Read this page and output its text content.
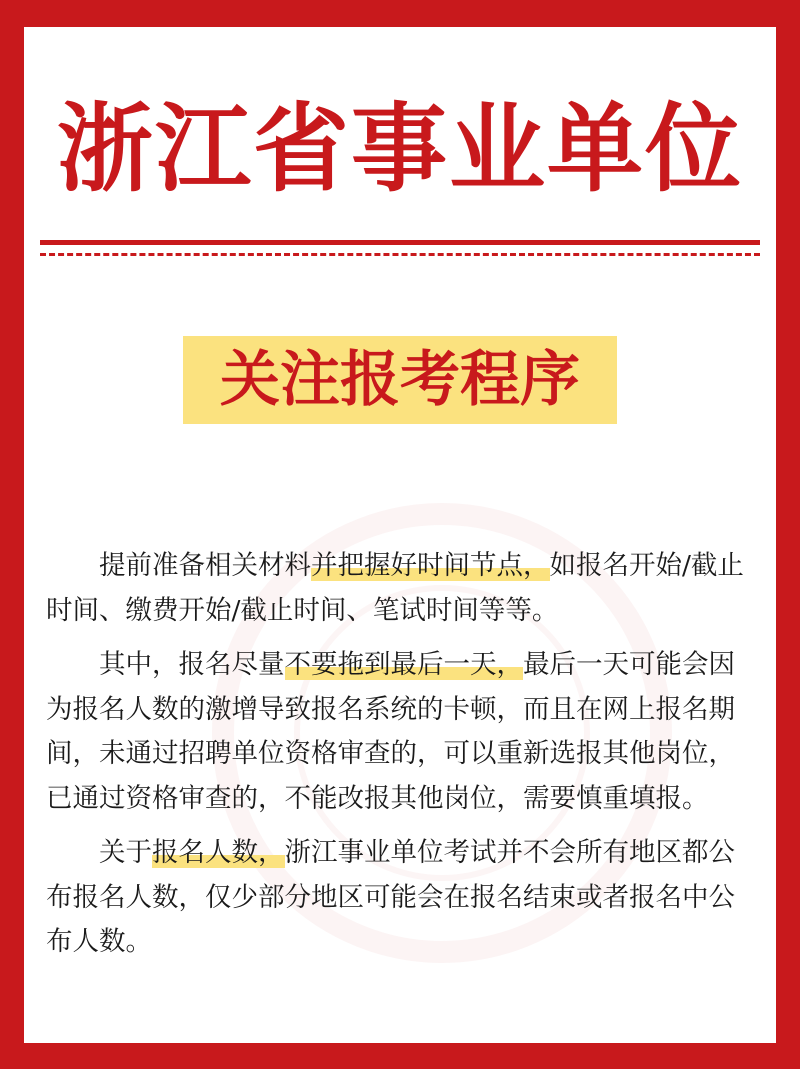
浙江省事业单位
关注报考程序

提前准备相关材料并把握好时间节点，如报名开始/截止时间、缴费开始/截止时间、笔试时间等等。

其中，报名尽量不要拖到最后一天，最后一天可能会因为报名人数的激增导致报名系统的卡顿，而且在网上报名期间，未通过招聘单位资格审查的，可以重新选报其他岗位，已通过资格审查的，不能改报其他岗位，需要慎重填报。

关于报名人数，浙江事业单位考试并不会所有地区都公布报名人数，仅少部分地区可能会在报名结束或者报名中公布人数。
